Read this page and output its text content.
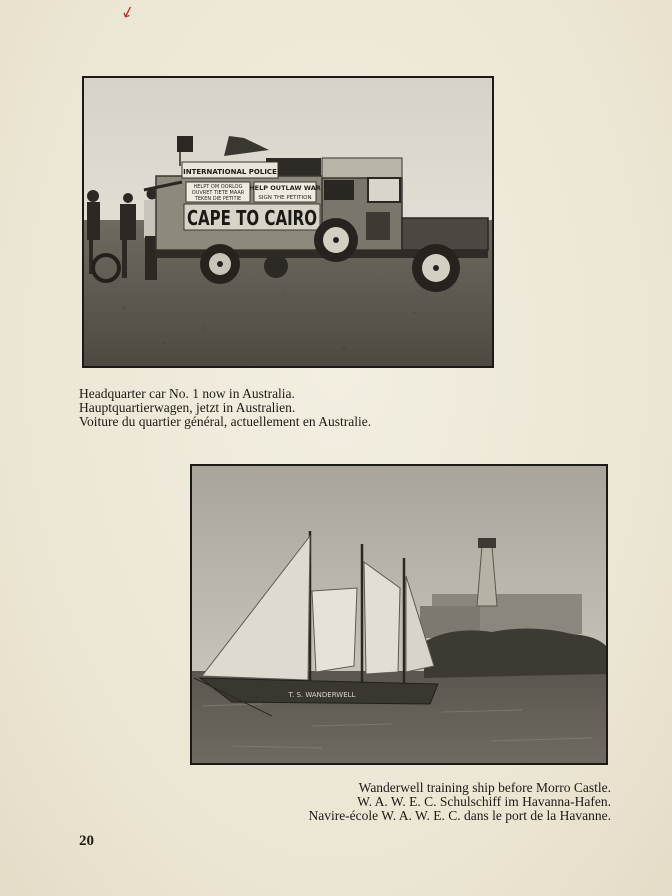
↙
INTERNATIONAL POLICE
HELPT OM OORLOG
OUVRET TIETE MAAR
TEKEN DIE PETITIE
HELP OUTLAW WAR
SIGN THE PETITION
CAPE TO CAIRO
Headquarter car No. 1 now in Australia.
Hauptquartierwagen, jetzt in Australien.
Voiture du quartier général, actuellement en Australie.
T. S. WANDERWELL
Wanderwell training ship before Morro Castle.
W. A. W. E. C. Schulschiff im Havanna-Hafen.
Navire-école W. A. W. E. C. dans le port de la Havanne.
20
